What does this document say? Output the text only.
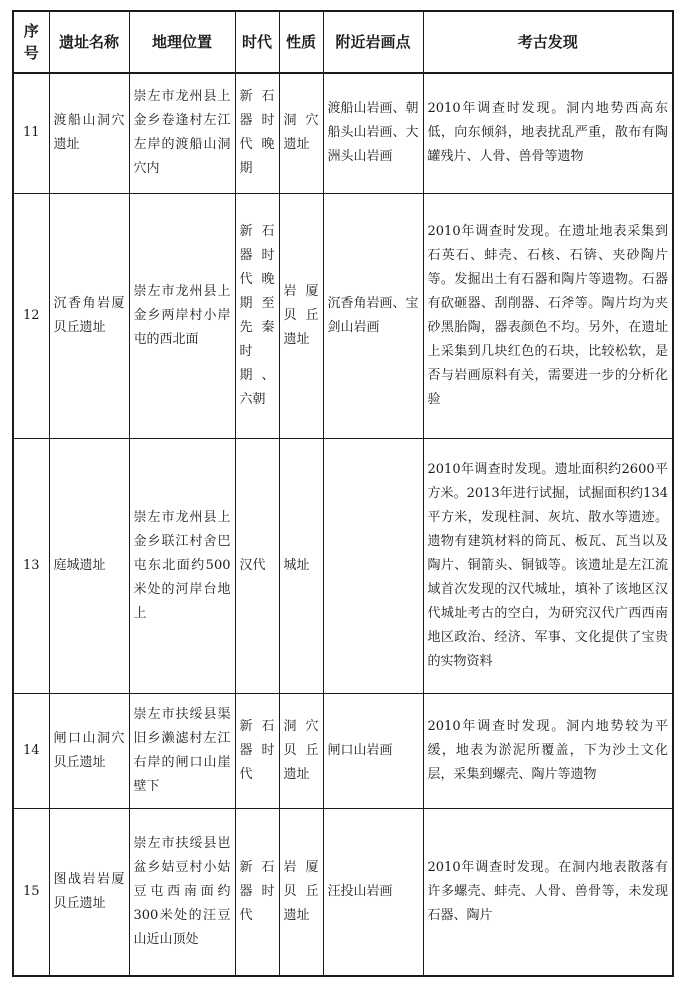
序号	遗址名称	地理位置	时代	性质	附近岩画点	考古发现
11	渡船山洞穴遗址	崇左市龙州县上金乡卷逢村左江左岸的渡船山洞穴内	新石器时代晚期	洞穴遗址	渡船山岩画、朝船头山岩画、大洲头山岩画	2010年调查时发现。洞内地势西高东低，向东倾斜，地表扰乱严重，散布有陶罐残片、人骨、兽骨等遗物
12	沉香角岩厦贝丘遗址	崇左市龙州县上金乡两岸村小岸屯的西北面	新石器时代晚期至先秦时期、六朝	岩厦贝丘遗址	沉香角岩画、宝剑山岩画	2010年调查时发现。在遗址地表采集到石英石、蚌壳、石核、石锛、夹砂陶片等。发掘出土有石器和陶片等遗物。石器有砍砸器、刮削器、石斧等。陶片均为夹砂黑胎陶，器表颜色不均。另外，在遗址上采集到几块红色的石块，比较松软，是否与岩画原料有关，需要进一步的分析化验
13	庭城遗址	崇左市龙州县上金乡联江村舍巴屯东北面约500米处的河岸台地上	汉代	城址		2010年调查时发现。遗址面积约2600平方米。2013年进行试掘，试掘面积约134平方米，发现柱洞、灰坑、散水等遗迹。遗物有建筑材料的筒瓦、板瓦、瓦当以及陶片、铜箭头、铜钺等。该遗址是左江流域首次发现的汉代城址，填补了该地区汉代城址考古的空白，为研究汉代广西西南地区政治、经济、军事、文化提供了宝贵的实物资料
14	闸口山洞穴贝丘遗址	崇左市扶绥县渠旧乡濑滤村左江右岸的闸口山崖壁下	新石器时代	洞穴贝丘遗址	闸口山岩画	2010年调查时发现。洞内地势较为平缓，地表为淤泥所覆盖，下为沙土文化层，采集到螺壳、陶片等遗物
15	图战岩岩厦贝丘遗址	崇左市扶绥县岜盆乡姑豆村小姑豆屯西南面约300米处的汪豆山近山顶处	新石器时代	岩厦贝丘遗址	汪投山岩画	2010年调查时发现。在洞内地表散落有许多螺壳、蚌壳、人骨、兽骨等，未发现石器、陶片
